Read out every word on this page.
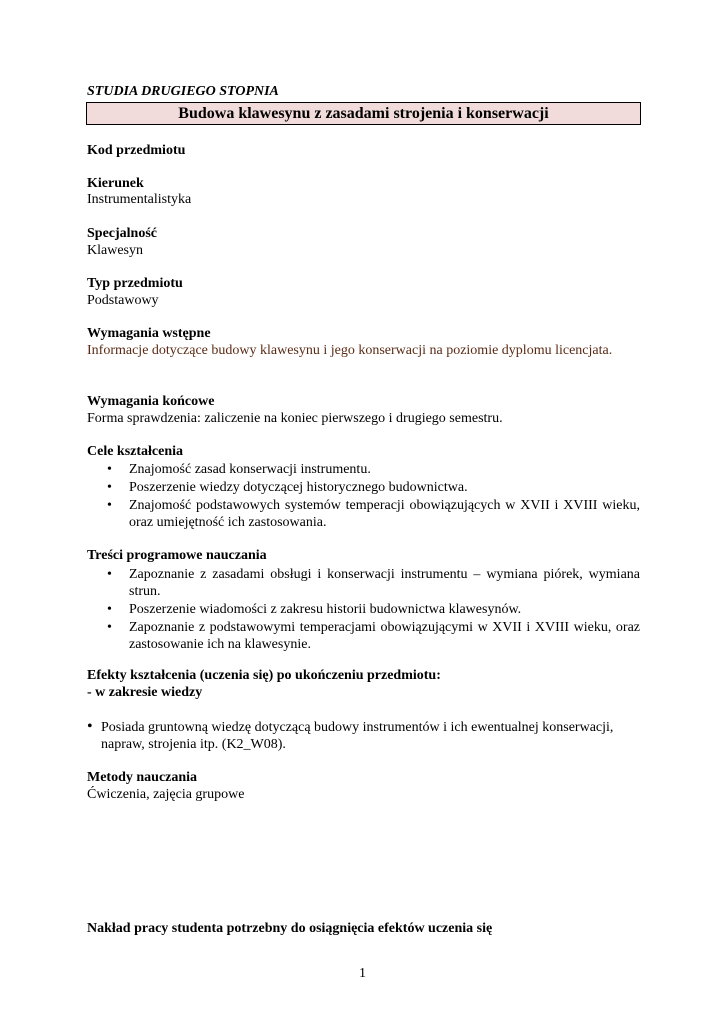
STUDIA DRUGIEGO STOPNIA
Budowa klawesynu z zasadami strojenia i konserwacji
Kod przedmiotu
Kierunek
Instrumentalistyka
Specjalność
Klawesyn
Typ przedmiotu
Podstawowy
Wymagania wstępne
Informacje dotyczące budowy klawesynu i jego konserwacji na poziomie dyplomu licencjata.
Wymagania końcowe
Forma sprawdzenia: zaliczenie na koniec pierwszego i drugiego semestru.
Cele kształcenia
• Znajomość zasad konserwacji instrumentu.
• Poszerzenie wiedzy dotyczącej historycznego budownictwa.
• Znajomość podstawowych systemów temperacji obowiązujących w XVII i XVIII wieku, oraz umiejętność ich zastosowania.
Treści programowe nauczania
• Zapoznanie z zasadami obsługi i konserwacji instrumentu – wymiana piórek, wymiana strun.
• Poszerzenie wiadomości z zakresu historii budownictwa klawesynów.
• Zapoznanie z podstawowymi temperacjami obowiązującymi w XVII i XVIII wieku, oraz zastosowanie ich na klawesynie.
Efekty kształcenia (uczenia się) po ukończeniu przedmiotu:
- w zakresie wiedzy
• Posiada gruntowną wiedzę dotyczącą budowy instrumentów i ich ewentualnej konserwacji, napraw, strojenia itp. (K2_W08).
Metody nauczania
Ćwiczenia, zajęcia grupowe
Nakład pracy studenta potrzebny do osiągnięcia efektów uczenia się
1
